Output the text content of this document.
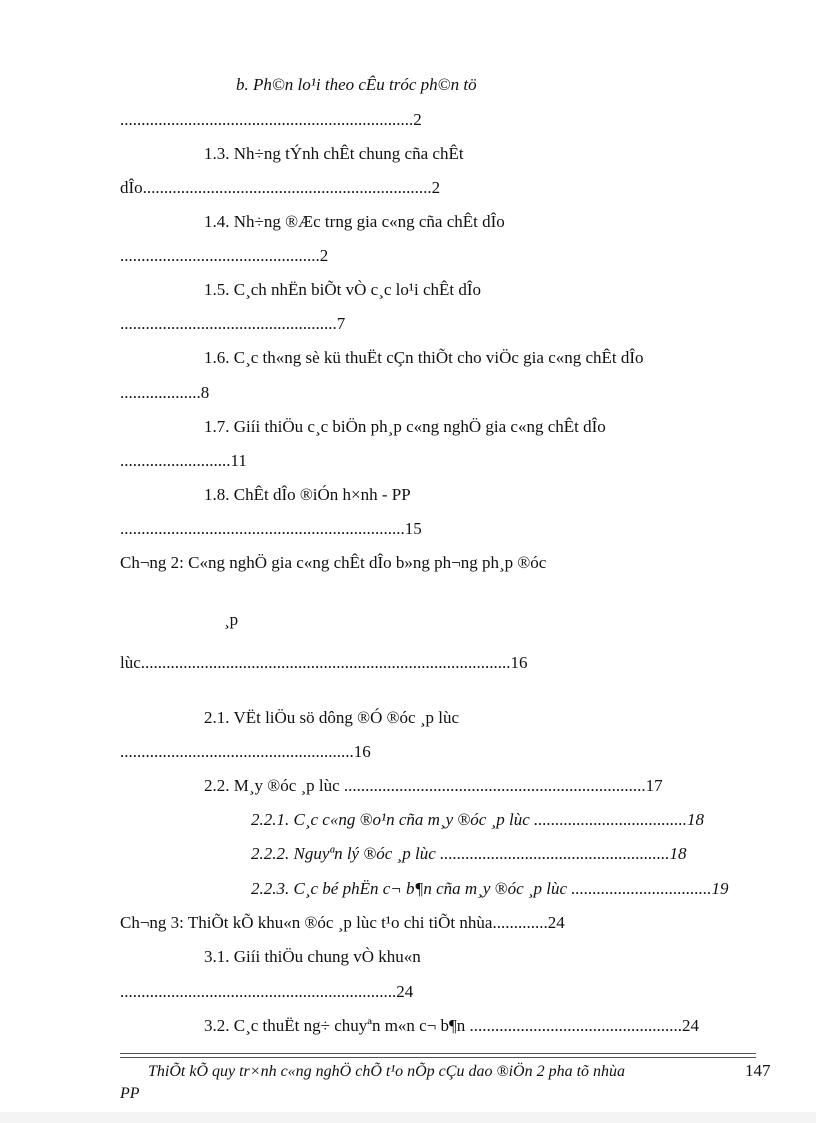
b. Ph©n lo¹i theo cÊu tróc ph©n tö
.....................................................................2
1.3. Nh÷ng tÝnh chÊt chung cña chÊt
dÎo....................................................................2
1.4. Nh÷ng ®Æc trng gia c«ng cña chÊt dÎo
...............................................2
1.5. C¸ch nhËn biÕt vÒ c¸c lo¹i chÊt dÎo
...................................................7
1.6. C¸c th«ng sè kü thuËt cÇn thiÕt cho viÖc gia c«ng chÊt dÎo
...................8
1.7. Giíi thiÖu c¸c biÖn ph¸p c«ng nghÖ gia c«ng chÊt dÎo
..........................11
1.8. ChÊt dÎo ®iÓn h×nh - PP
...................................................................15
Ch¬ng 2: C«ng nghÖ gia c«ng chÊt dÎo b»ng ph¬ng ph¸p ®óc
¸p
lùc.......................................................................................16
2.1. VËt liÖu sö dông ®Ó ®óc ¸p lùc
.......................................................16
2.2. M¸y ®óc ¸p lùc .......................................................................17
2.2.1. C¸c c«ng ®o¹n cña m¸y ®óc ¸p lùc ....................................18
2.2.2. Nguyªn lý ®óc ¸p lùc ......................................................18
2.2.3. C¸c bé phËn c¬ b¶n cña m¸y ®óc ¸p lùc .................................19
Ch¬ng 3: ThiÕt kÕ khu«n ®óc ¸p lùc t¹o chi tiÕt nhùa.............24
3.1. Giíi thiÖu chung vÒ khu«n
.................................................................24
3.2. C¸c thuËt ng÷ chuyªn m«n c¬ b¶n ..................................................24
ThiÕt kÕ quy tr×nh c«ng nghÖ chÕ t¹o nÕp cÇu dao ®iÖn 2 pha tõ nhùa
PP
147
